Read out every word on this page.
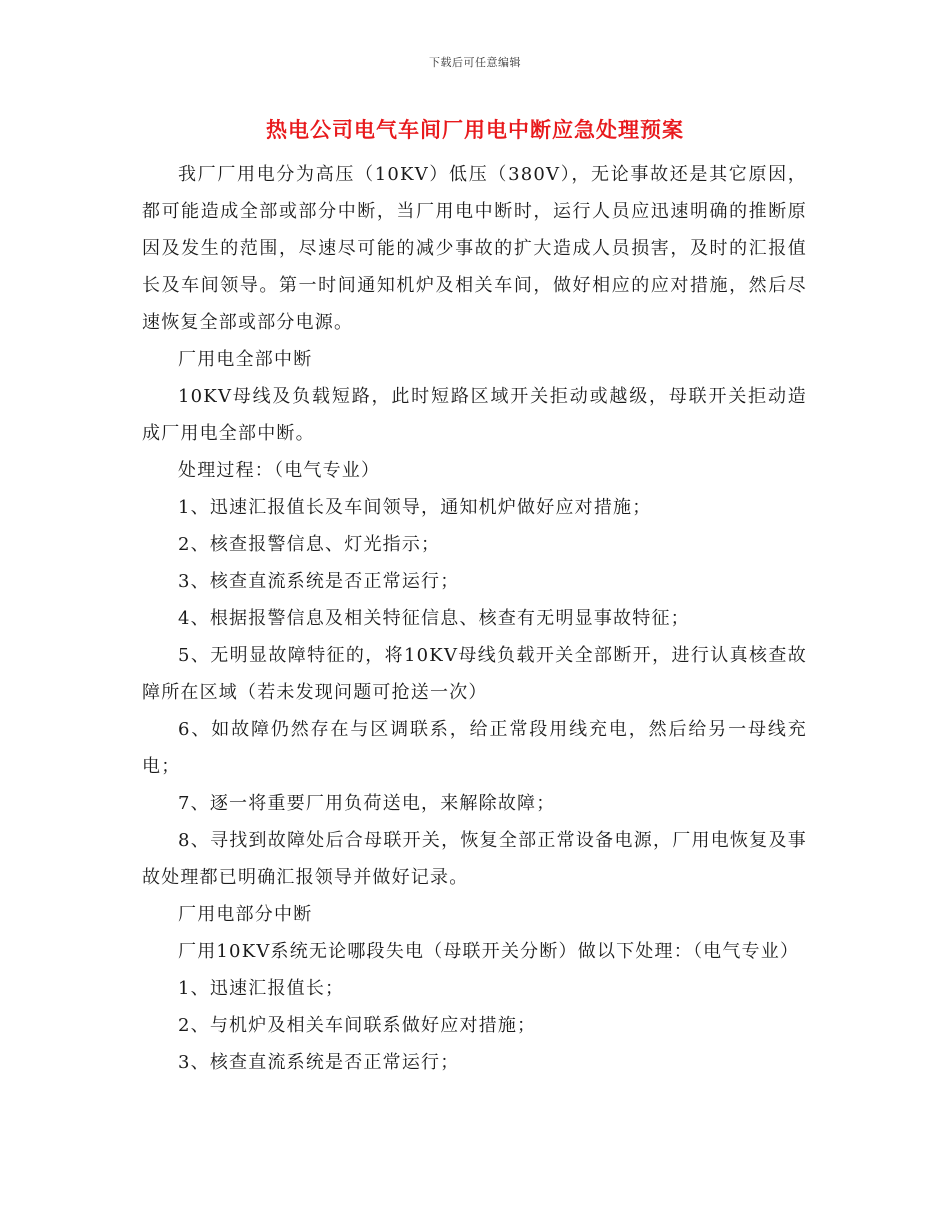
下载后可任意编辑
热电公司电气车间厂用电中断应急处理预案

我厂厂用电分为高压（10KV）低压（380V），无论事故还是其它原因，都可能造成全部或部分中断，当厂用电中断时，运行人员应迅速明确的推断原因及发生的范围，尽速尽可能的减少事故的扩大造成人员损害，及时的汇报值长及车间领导。第一时间通知机炉及相关车间，做好相应的应对措施，然后尽速恢复全部或部分电源。

厂用电全部中断

10KV母线及负载短路，此时短路区域开关拒动或越级，母联开关拒动造成厂用电全部中断。

处理过程：（电气专业）

1、迅速汇报值长及车间领导，通知机炉做好应对措施；

2、核查报警信息、灯光指示；

3、核查直流系统是否正常运行；

4、根据报警信息及相关特征信息、核查有无明显事故特征；

5、无明显故障特征的，将10KV母线负载开关全部断开，进行认真核查故障所在区域（若未发现问题可抢送一次）

6、如故障仍然存在与区调联系，给正常段用线充电，然后给另一母线充电；

7、逐一将重要厂用负荷送电，来解除故障；

8、寻找到故障处后合母联开关，恢复全部正常设备电源，厂用电恢复及事故处理都已明确汇报领导并做好记录。

厂用电部分中断

厂用10KV系统无论哪段失电（母联开关分断）做以下处理：（电气专业）

1、迅速汇报值长；

2、与机炉及相关车间联系做好应对措施；

3、核查直流系统是否正常运行；
